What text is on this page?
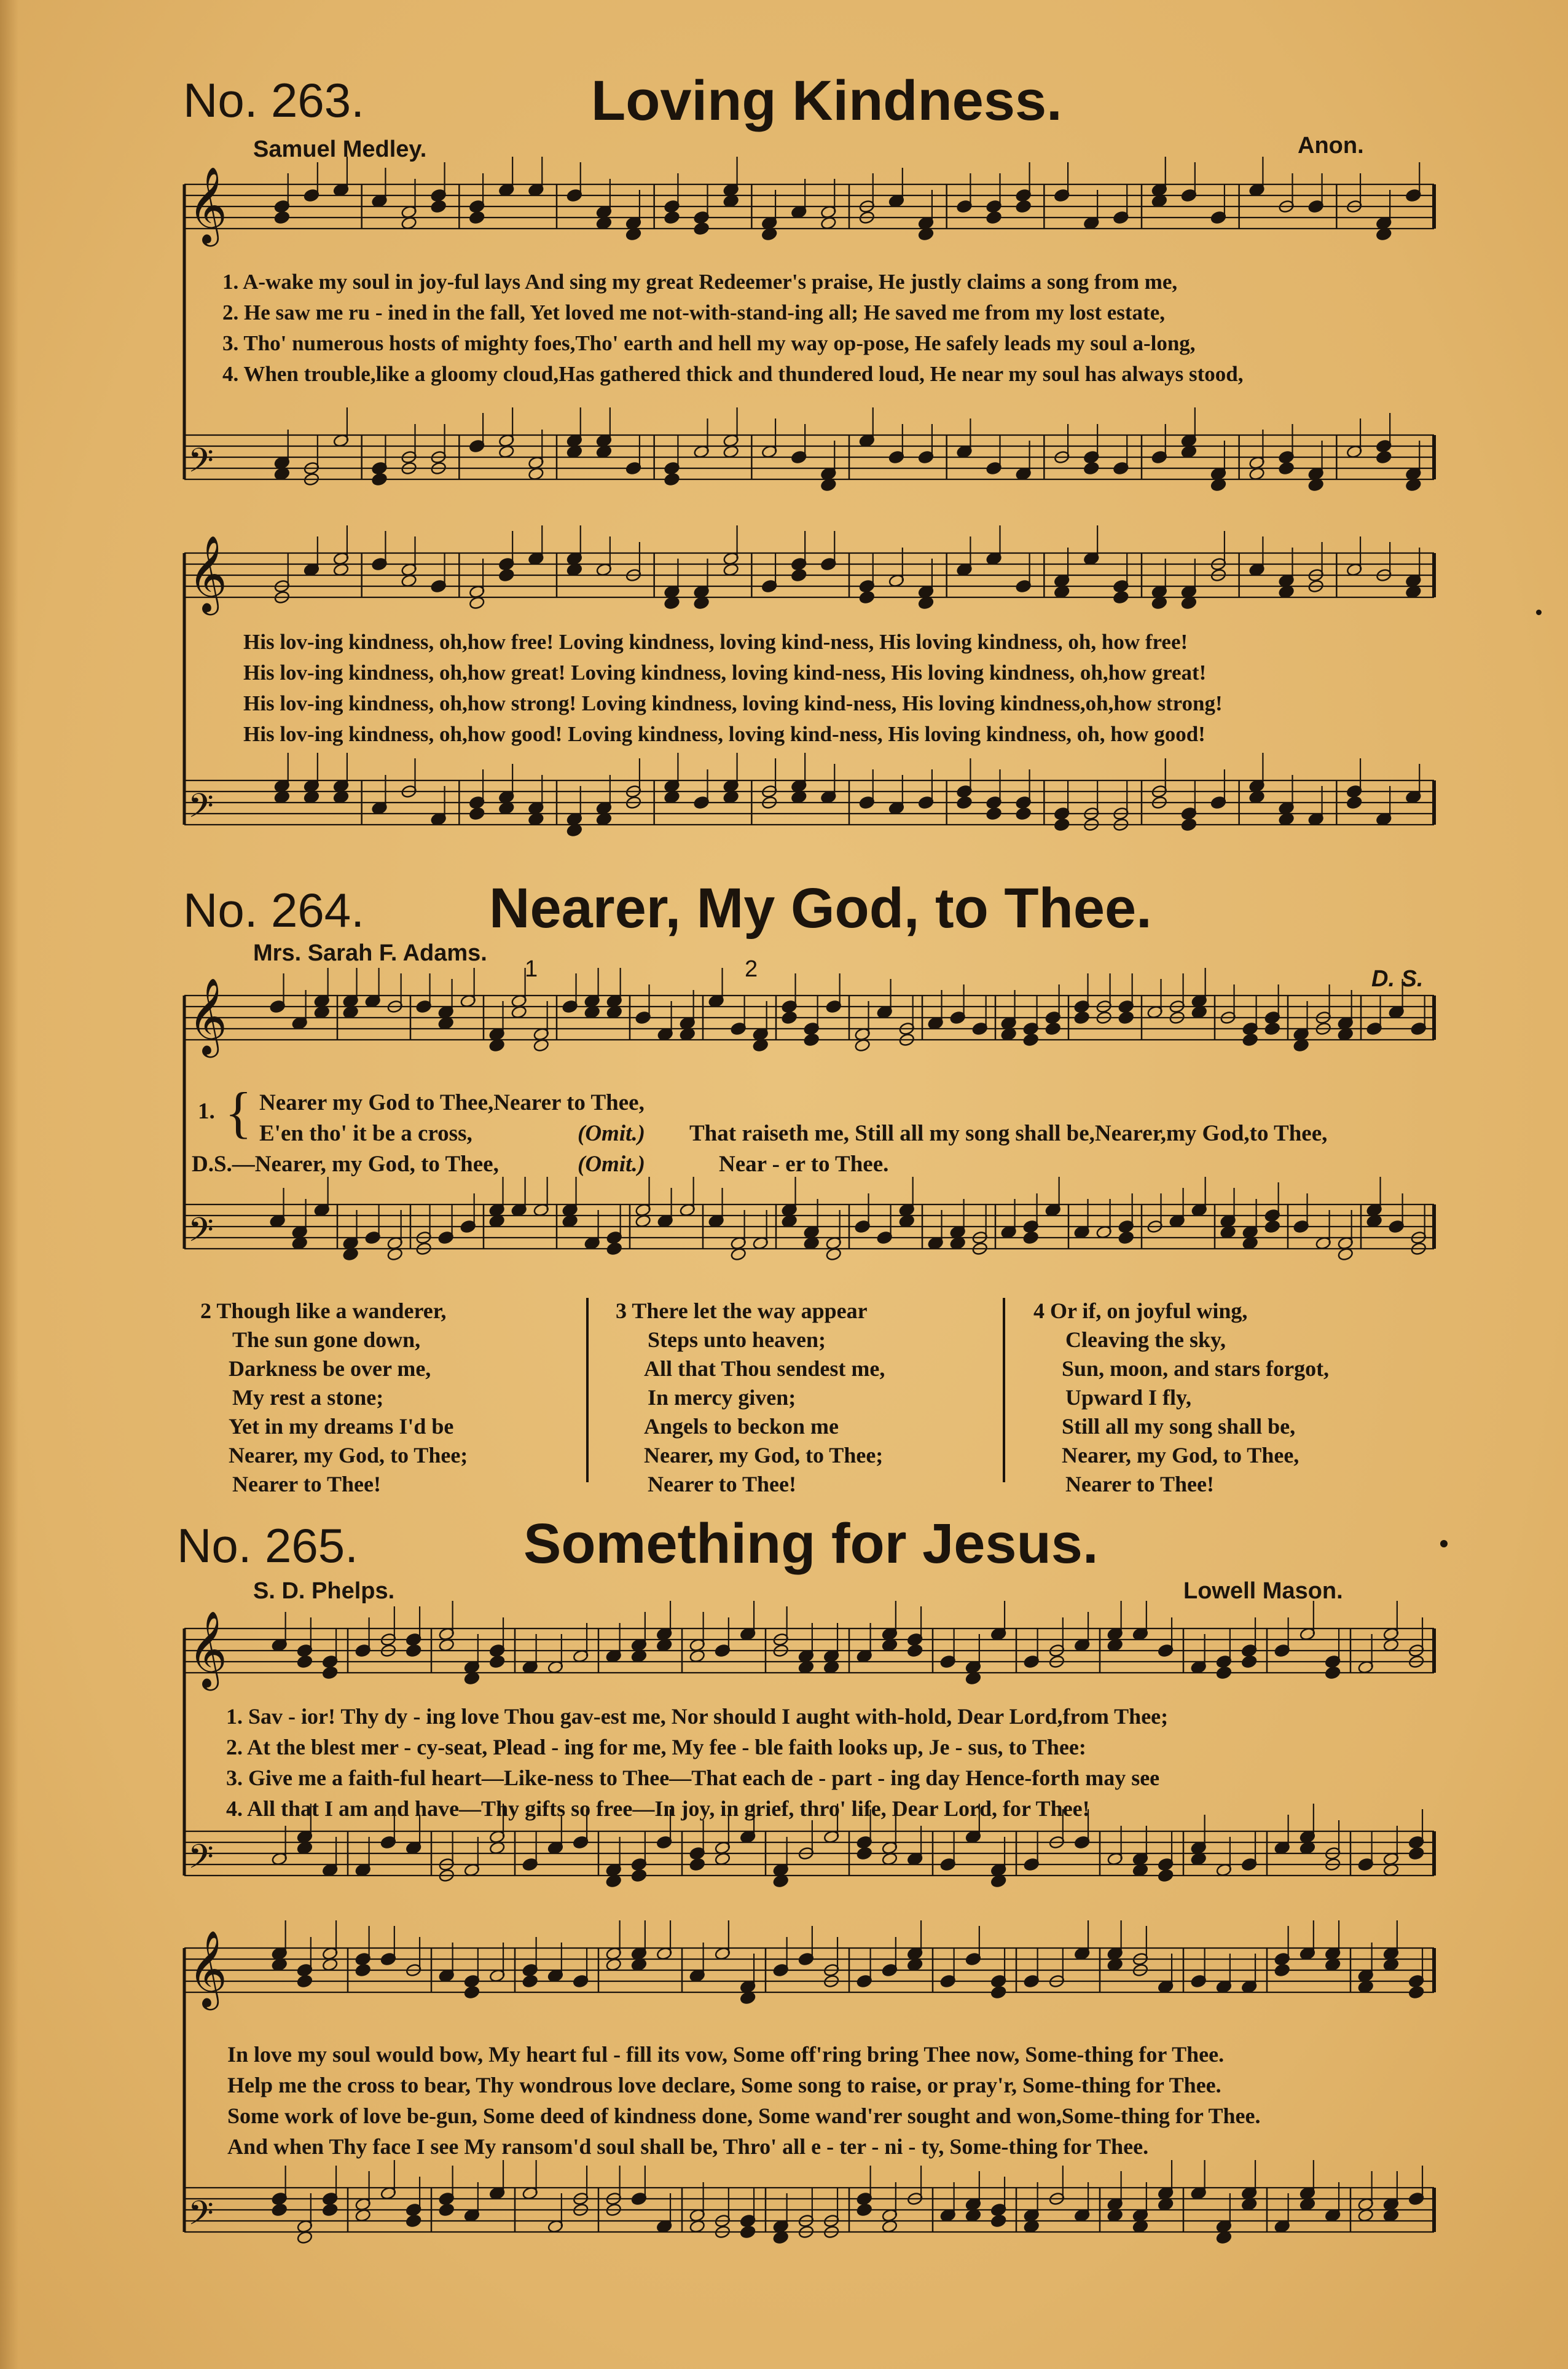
𝄞
𝄢
𝄞
𝄢
𝄞
𝄢
𝄞
𝄢
𝄞
𝄢
No. 263.	Loving Kindness.
Samuel Medley.	Anon.
1. A-wake my soul in joy-ful lays And sing my great Redeemer's praise, He justly claims a song from me,
2. He saw me ru - ined in the fall, Yet loved me not-with-stand-ing all; He saved me from my lost estate,
3. Tho' numerous hosts of mighty foes,Tho' earth and hell my way op-pose, He safely leads my soul a-long,
4. When trouble,like a gloomy cloud,Has gathered thick and thundered loud, He near my soul has always stood,
His lov-ing kindness, oh,how free! Loving kindness, loving kind-ness, His loving kindness, oh, how free!
His lov-ing kindness, oh,how great! Loving kindness, loving kind-ness, His loving kindness, oh,how great!
His lov-ing kindness, oh,how strong! Loving kindness, loving kind-ness, His loving kindness,oh,how strong!
His lov-ing kindness, oh,how good! Loving kindness, loving kind-ness, His loving kindness, oh, how good!
No. 264. Nearer, My God, to Thee.
Mrs. Sarah F. Adams.
1	2	D. S.
1. { Nearer my God to Thee,Nearer to Thee,
E'en tho' it be a cross,	(Omit.) That raiseth me, Still all my song shall be,Nearer,my God,to Thee,
D.S.—Nearer, my God, to Thee,	(Omit.)	Near - er to Thee.
2 Though like a wanderer,
The sun gone down,
Darkness be over me,
My rest a stone;
Yet in my dreams I'd be
Nearer, my God, to Thee;
Nearer to Thee!
3 There let the way appear
Steps unto heaven;
All that Thou sendest me,
In mercy given;
Angels to beckon me
Nearer, my God, to Thee;
Nearer to Thee!
4 Or if, on joyful wing,
Cleaving the sky,
Sun, moon, and stars forgot,
Upward I fly,
Still all my song shall be,
Nearer, my God, to Thee,
Nearer to Thee!
No. 265.	Something for Jesus.
S. D. Phelps.	Lowell Mason.
1. Sav - ior! Thy dy - ing love Thou gav-est me, Nor should I aught with-hold, Dear Lord,from Thee;
2. At the blest mer - cy-seat, Plead - ing for me, My fee - ble faith looks up, Je - sus, to Thee:
3. Give me a faith-ful heart—Like-ness to Thee—That each de - part - ing day Hence-forth may see
4. All that I am and have—Thy gifts so free—In joy, in grief, thro' life, Dear Lord, for Thee!
In love my soul would bow, My heart ful - fill its vow, Some off'ring bring Thee now, Some-thing for Thee.
Help me the cross to bear, Thy wondrous love declare, Some song to raise, or pray'r, Some-thing for Thee.
Some work of love be-gun, Some deed of kindness done, Some wand'rer sought and won,Some-thing for Thee.
And when Thy face I see My ransom'd soul shall be, Thro' all e - ter - ni - ty, Some-thing for Thee.
